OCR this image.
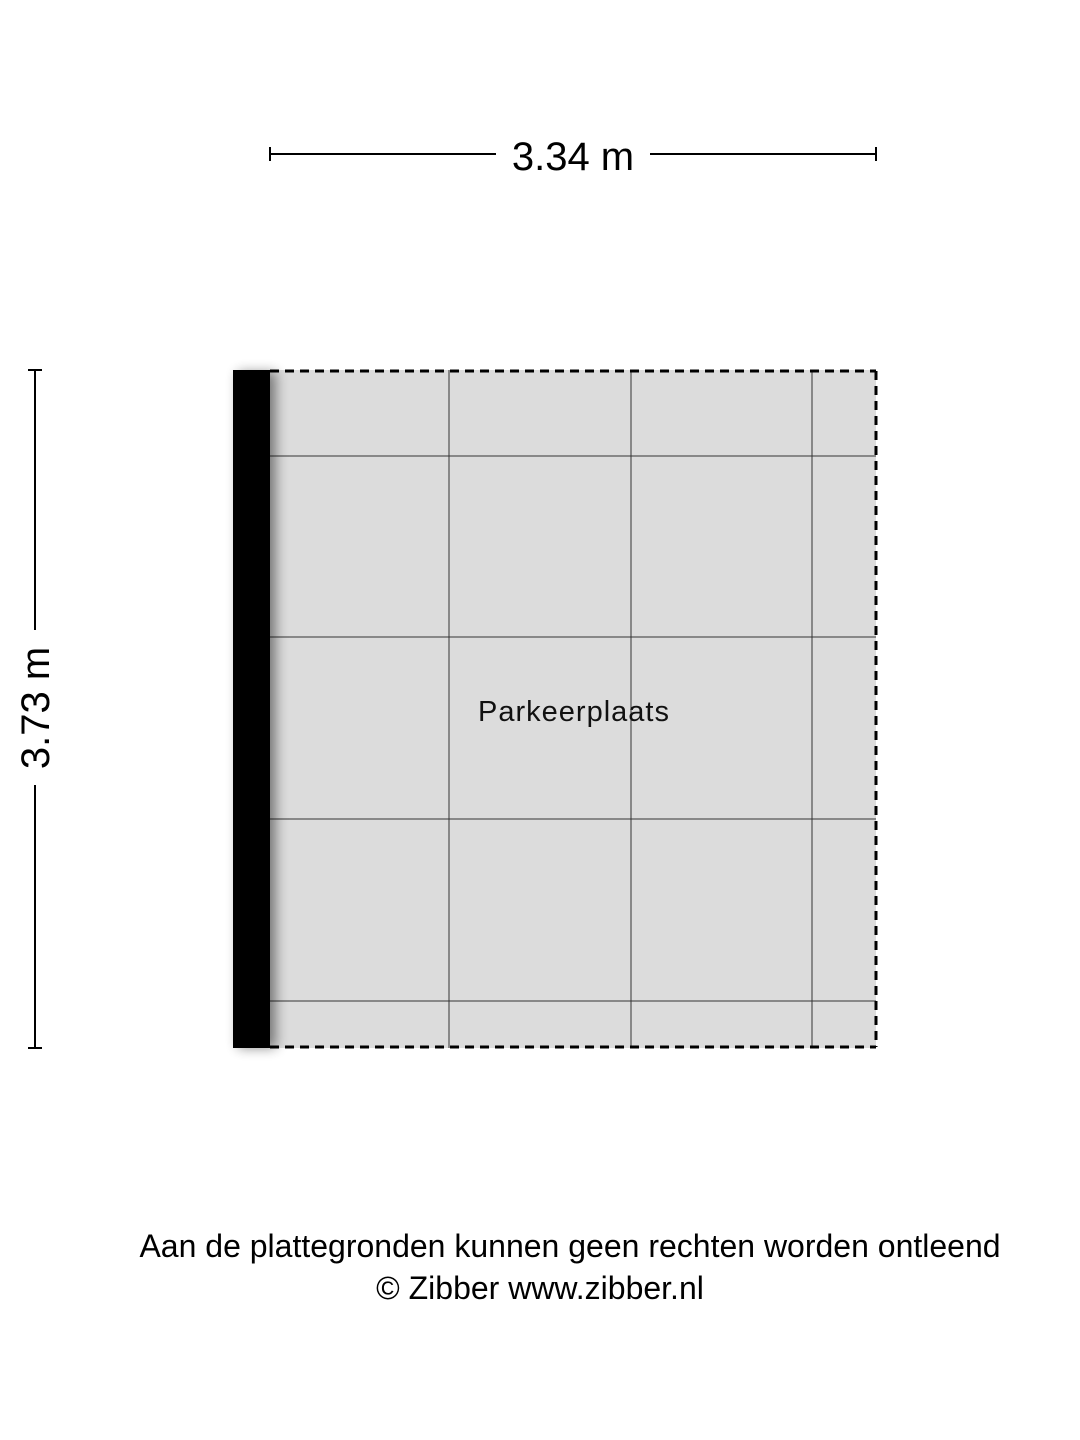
3.34 m
3.73 m	Parkeerplaats
Aan de plattegronden kunnen geen rechten worden ontleend
© Zibber www.zibber.nl
